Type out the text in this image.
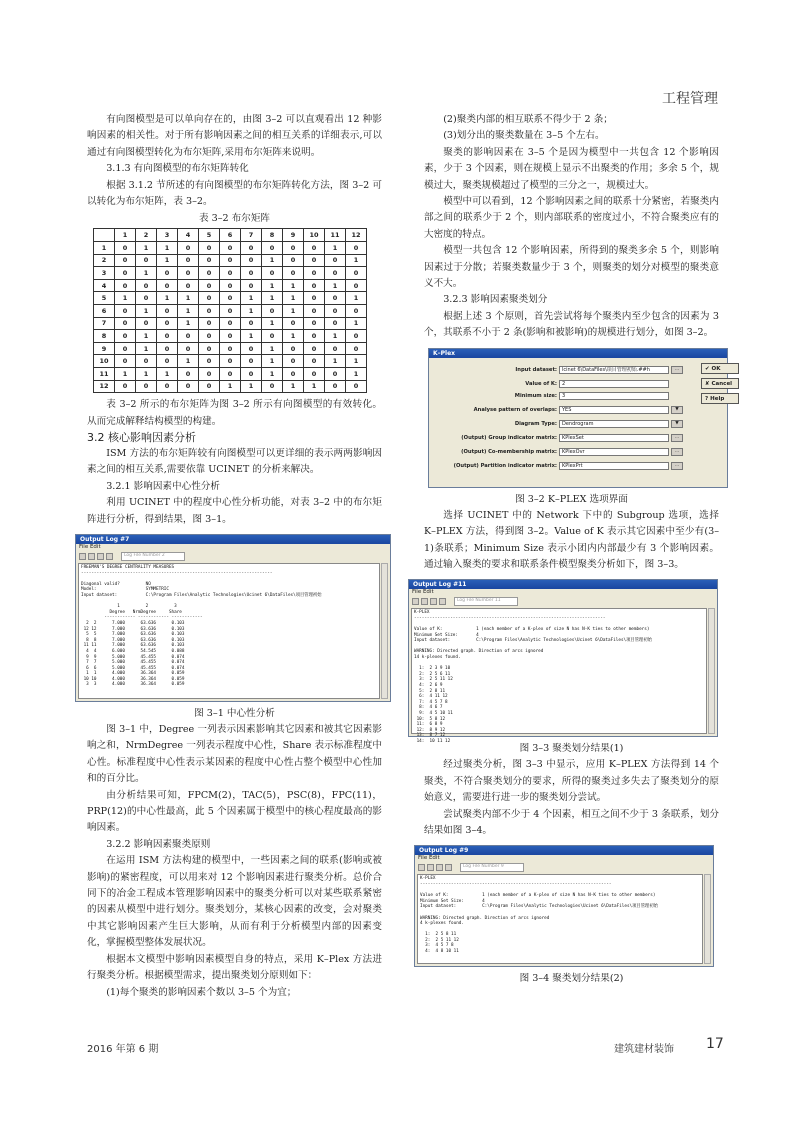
工程管理

有向图模型是可以单向存在的，由图 3–2 可以直观看出 12 种影响因素的相关性。对于所有影响因素之间的相互关系的详细表示,可以通过有向图模型转化为布尔矩阵,采用布尔矩阵来说明。

3.1.3 有向图模型的布尔矩阵转化

根据 3.1.2 节所述的有向图模型的布尔矩阵转化方法，图 3–2 可以转化为布尔矩阵，表 3–2。

表 3–2 布尔矩阵
	1	2	3	4	5	6	7	8	9	10	11	12
1	0	1	1	0	0	0	0	0	0	0	1	0
2	0	0	1	0	0	0	0	1	0	0	0	1
3	0	1	0	0	0	0	0	0	0	0	0	0
4	0	0	0	0	0	0	0	1	1	0	1	0
5	1	0	1	1	0	0	1	1	1	0	0	1
6	0	1	0	1	0	0	1	0	1	0	0	0
7	0	0	0	1	0	0	0	1	0	0	0	1
8	0	1	0	0	0	0	1	0	1	0	1	0
9	0	1	0	0	0	0	0	1	0	0	0	0
10	0	0	0	1	0	0	0	1	0	0	1	1
11	1	1	1	0	0	0	0	1	0	0	0	1
12	0	0	0	0	0	1	1	0	1	1	0	0

表 3–2 所示的布尔矩阵为图 3–2 所示有向图模型的有效转化。从而完成解释结构模型的构建。

3.2 核心影响因素分析

ISM 方法的布尔矩阵较有向图模型可以更详细的表示两两影响因素之间的相互关系,需要依靠 UCINET 的分析来解决。

3.2.1 影响因素中心性分析

利用 UCINET 中的程度中心性分析功能，对表 3–2 中的布尔矩阵进行分析，得到结果，图 3–1。

Output Log #7
File Edit
Log File Number 2
FREEMAN'S DEGREE CENTRALITY MEASURES
--------------------------------------------------------------------------

Diagonal valid?          NO
Model:                   SYMMETRIC
Input dataset:           C:\Program Files\Analytic Technologies\Ucinet 6\DataFiles\项目管理初始

1          2          3
Degree   NrmDegree     Share
------------ ------------ ------------
2  2      7.000      63.636      0.103
12 12      7.000      63.636      0.103
5  5      7.000      63.636      0.103
8  8      7.000      63.636      0.103
11 11      7.000      63.636      0.103
4  4      6.000      54.545      0.088
9  9      5.000      45.455      0.074
7  7      5.000      45.455      0.074
6  6      5.000      45.455      0.074
1  1      4.000      36.364      0.059
10 10      4.000      36.364      0.059
3  3      4.000      36.364      0.059
图 3–1 中心性分析

图 3–1 中，Degree 一列表示因素影响其它因素和被其它因素影响之和，NrmDegree 一列表示程度中心性，Share 表示标准程度中心性。标准程度中心性表示某因素的程度中心性占整个模型中心性加和的百分比。

由分析结果可知，FPCM(2)，TAC(5)，PSC(8)，FPC(11)，PRP(12)的中心性最高，此 5 个因素属于模型中的核心程度最高的影响因素。

3.2.2 影响因素聚类原则

在运用 ISM 方法构建的模型中，一些因素之间的联系(影响或被影响)的紧密程度，可以用来对 12 个影响因素进行聚类分析。总价合同下的冶金工程成本管理影响因素中的聚类分析可以对某些联系紧密的因素从模型中进行划分。聚类划分，某核心因素的改变，会对聚类中其它影响因素产生巨大影响，从而有利于分析模型内部的因素变化，掌握模型整体发展状况。

根据本文模型中影响因素模型自身的特点，采用 K–Plex 方法进行聚类分析。根据模型需求，提出聚类划分原则如下：

(1)每个聚类的影响因素个数以 3–5 个为宜；

(2)聚类内部的相互联系不得少于 2 条；

(3)划分出的聚类数量在 3–5 个左右。

聚类的影响因素在 3–5 个是因为模型中一共包含 12 个影响因素，少于 3 个因素，则在规模上显示不出聚类的作用；多余 5 个，规模过大，聚类规模超过了模型的三分之一，规模过大。

模型中可以看到，12 个影响因素之间的联系十分紧密，若聚类内部之间的联系少于 2 个，则内部联系的密度过小，不符合聚类应有的大密度的特点。

模型一共包含 12 个影响因素，所得到的聚类多余 5 个，则影响因素过于分散；若聚类数量少于 3 个，则聚类的划分对模型的聚类意义不大。

3.2.3 影响因素聚类划分

根据上述 3 个原则，首先尝试将每个聚类内至少包含的因素为 3 个，其联系不小于 2 条(影响和被影响)的规模进行划分，如图 3–2。

K–Plex
Input dataset:	lcinet 6\DataFiles\项目管理初始.##h	…
Value of K:	2
Minimum size:	3
Analyse pattern of overlaps:	YES	▼
Diagram Type:	Dendrogram	▼
(Output) Group indicator matrix:	KPlexSet	…
(Output) Co-membership matrix:	KPlexOvr	…
(Output) Partition indicator matrix:	KPlexPrt	…
✔ OK
✘ Cancel
? Help
图 3–2 K–PLEX 选项界面

选择 UCINET 中的 Network 下中的 Subgroup 选项，选择 K–PLEX 方法，得到图 3–2。Value of K 表示其它因素中至少有(3–1)条联系；Minimum Size 表示小团内内部最少有 3 个影响因素。通过输入聚类的要求和联系条件模型聚类分析如下，图 3–3。

Output Log #11
File Edit
Log File Number 11
K-PLEX
--------------------------------------------------------------------------

Value of K:             1 (each member of a K-plex of size N has N-K ties to other members)
Minimum Set Size:       4
Input dataset:          C:\Program Files\Analytic Technologies\Ucinet 6\DataFiles\项目管理初始

WARNING: Directed graph. Direction of arcs ignored
14 k-plexes found.

1:  2 3 9 10
2:  2 5 6 11
3:  2 5 11 12
4:  2 6 9
5:  2 8 11
6:  4 11 12
7:  4 5 7 8
8:  4 6 7
9:  4 5 10 11
10:  5 8 12
11:  6 8 9
12:  8 9 12
13:  8 7 12
14:  10 11 12
图 3–3 聚类划分结果(1)

经过聚类分析，图 3–3 中显示，应用 K–PLEX 方法得到 14 个聚类，不符合聚类划分的要求，所得的聚类过多失去了聚类划分的原始意义，需要进行进一步的聚类划分尝试。

尝试聚类内部不少于 4 个因素，相互之间不少于 3 条联系，划分结果如图 3–4。

Output Log #9
File Edit
Log File Number 9
K-PLEX
--------------------------------------------------------------------------

Value of K:             1 (each member of a K-plex of size N has N-K ties to other members)
Minimum Set Size:       4
Input dataset:          C:\Program Files\Analytic Technologies\Ucinet 6\DataFiles\项目管理初始

WARNING: Directed graph. Direction of arcs ignored
4 k-plexes found.

1:  2 5 8 11
2:  2 5 11 12
3:  4 5 7 8
4:  4 8 10 11
图 3–4 聚类划分结果(2)
2016 年第 6 期	建筑建材装饰 17
